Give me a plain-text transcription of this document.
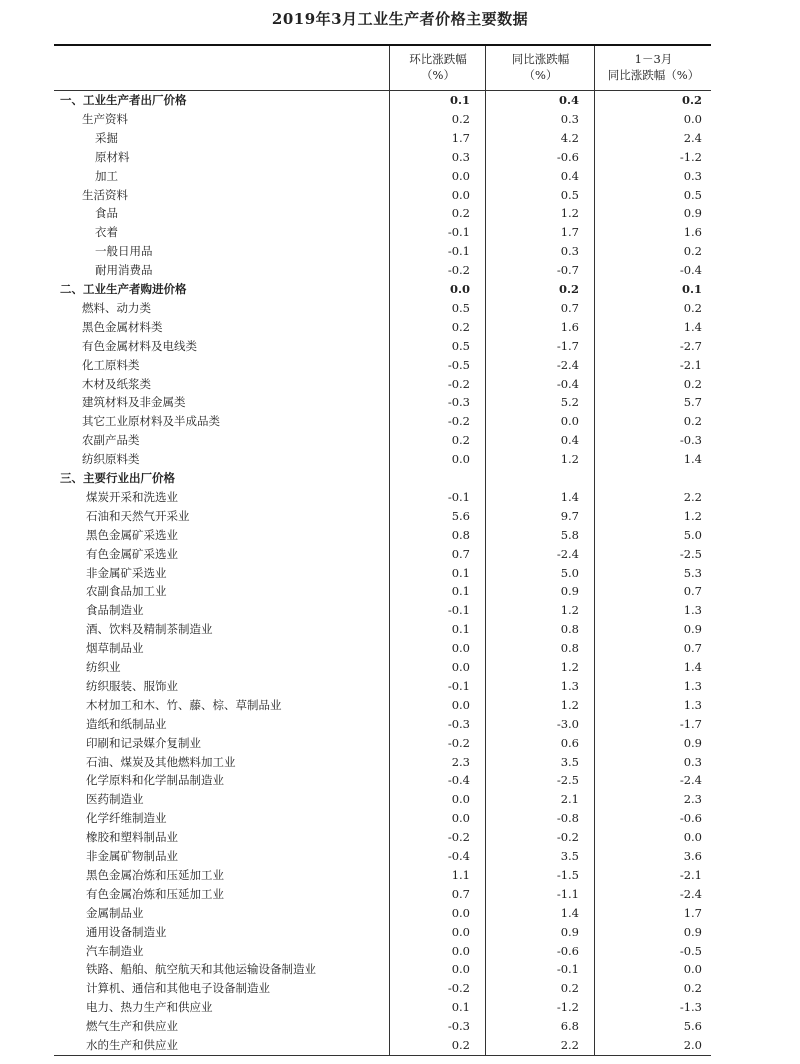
2019年3月工业生产者价格主要数据
环比涨跌幅
（%）
同比涨跌幅
（%）
1－3月
同比涨跌幅（%）
一、工业生产者出厂价格	0.1	0.4	0.2
生产资料	0.2	0.3	0.0
采掘	1.7	4.2	2.4
原材料	0.3	-0.6	-1.2
加工	0.0	0.4	0.3
生活资料	0.0	0.5	0.5
食品	0.2	1.2	0.9
衣着	-0.1	1.7	1.6
一般日用品	-0.1	0.3	0.2
耐用消费品	-0.2	-0.7	-0.4
二、工业生产者购进价格	0.0	0.2	0.1
燃料、动力类	0.5	0.7	0.2
黑色金属材料类	0.2	1.6	1.4
有色金属材料及电线类	0.5	-1.7	-2.7
化工原料类	-0.5	-2.4	-2.1
木材及纸浆类	-0.2	-0.4	0.2
建筑材料及非金属类	-0.3	5.2	5.7
其它工业原材料及半成品类	-0.2	0.0	0.2
农副产品类	0.2	0.4	-0.3
纺织原料类	0.0	1.2	1.4
三、主要行业出厂价格
煤炭开采和洗选业	-0.1	1.4	2.2
石油和天然气开采业	5.6	9.7	1.2
黑色金属矿采选业	0.8	5.8	5.0
有色金属矿采选业	0.7	-2.4	-2.5
非金属矿采选业	0.1	5.0	5.3
农副食品加工业	0.1	0.9	0.7
食品制造业	-0.1	1.2	1.3
酒、饮料及精制茶制造业	0.1	0.8	0.9
烟草制品业	0.0	0.8	0.7
纺织业	0.0	1.2	1.4
纺织服装、服饰业	-0.1	1.3	1.3
木材加工和木、竹、藤、棕、草制品业	0.0	1.2	1.3
造纸和纸制品业	-0.3	-3.0	-1.7
印刷和记录媒介复制业	-0.2	0.6	0.9
石油、煤炭及其他燃料加工业	2.3	3.5	0.3
化学原料和化学制品制造业	-0.4	-2.5	-2.4
医药制造业	0.0	2.1	2.3
化学纤维制造业	0.0	-0.8	-0.6
橡胶和塑料制品业	-0.2	-0.2	0.0
非金属矿物制品业	-0.4	3.5	3.6
黑色金属冶炼和压延加工业	1.1	-1.5	-2.1
有色金属冶炼和压延加工业	0.7	-1.1	-2.4
金属制品业	0.0	1.4	1.7
通用设备制造业	0.0	0.9	0.9
汽车制造业	0.0	-0.6	-0.5
铁路、船舶、航空航天和其他运输设备制造业	0.0	-0.1	0.0
计算机、通信和其他电子设备制造业	-0.2	0.2	0.2
电力、热力生产和供应业	0.1	-1.2	-1.3
燃气生产和供应业	-0.3	6.8	5.6
水的生产和供应业	0.2	2.2	2.0
